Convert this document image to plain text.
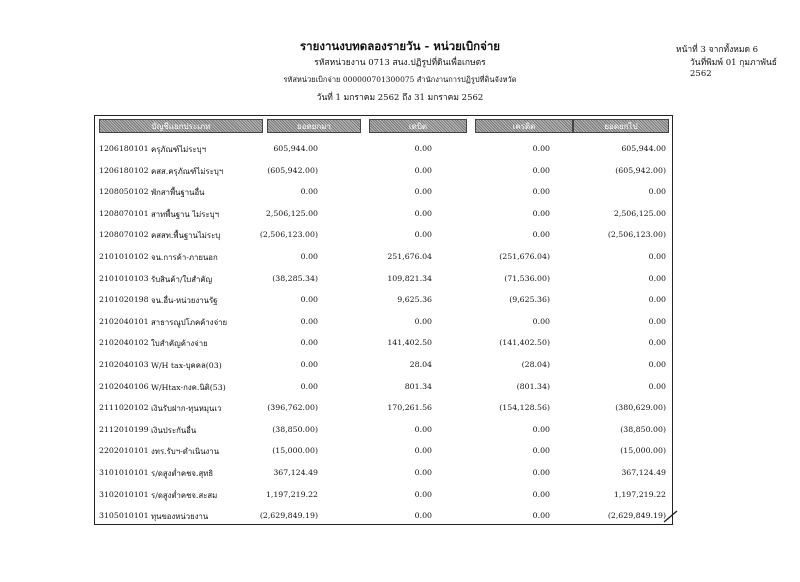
รายงานงบทดลองรายวัน - หน่วยเบิกจ่าย
รหัสหน่วยงาน 0713 สนง.ปฏิรูปที่ดินเพื่อเกษตร
รหัสหน่วยเบิกจ่าย 000000701300075 สำนักงานการปฏิรูปที่ดินจังหวัด
วันที่ 1 มกราคม 2562 ถึง 31 มกราคม 2562
หน้าที่ 3 จากทั้งหมด 6
วันที่พิมพ์ 01 กุมภาพันธ์ 2562
บัญชีแยกประเภท	ยอดยกมา	เดบิต	เครดิต	ยอดยกไป
1206180101 ครุภัณฑ์ไม่ระบุฯ	605,944.00	0.00	0.00	605,944.00
1206180102 คสส.ครุภัณฑ์ไม่ระบุฯ	(605,942.00)	0.00	0.00	(605,942.00)
1208050102 พักสาพื้นฐานอื่น	0.00	0.00	0.00	0.00
1208070101 สาทพื้นฐาน ไม่ระบุฯ	2,506,125.00	0.00	0.00	2,506,125.00
1208070102 คสสท.พื้นฐานไม่ระบุ	(2,506,123.00)	0.00	0.00	(2,506,123.00)
2101010102 จน.การค้า-ภายนอก	0.00	251,676.04	(251,676.04)	0.00
2101010103 รับสินค้า/ใบสำคัญ	(38,285.34)	109,821.34	(71,536.00)	0.00
2101020198 จน.อื่น-หน่วยงานรัฐ	0.00	9,625.36	(9,625.36)	0.00
2102040101 สาธารณูปโภคค้างจ่าย	0.00	0.00	0.00	0.00
2102040102 ใบสำคัญค้างจ่าย	0.00	141,402.50	(141,402.50)	0.00
2102040103 W/H tax-บุคคล(03)	0.00	28.04	(28.04)	0.00
2102040106 W/Htax-กงค.นิติ(53)	0.00	801.34	(801.34)	0.00
2111020102 เงินรับฝาก-ทุนหมุนเว	(396,762.00)	170,261.56	(154,128.56)	(380,629.00)
2112010199 เงินประกันอื่น	(38,850.00)	0.00	0.00	(38,850.00)
2202010101 งทร.รับฯ-ดำเนินงาน	(15,000.00)	0.00	0.00	(15,000.00)
3101010101 ร/ดสูงต่ำคชจ.สุทธิ	367,124.49	0.00	0.00	367,124.49
3102010101 ร/ดสูงต่ำคชจ.สะสม	1,197,219.22	0.00	0.00	1,197,219.22
3105010101 ทุนของหน่วยงาน	(2,629,849.19)	0.00	0.00	(2,629,849.19)
